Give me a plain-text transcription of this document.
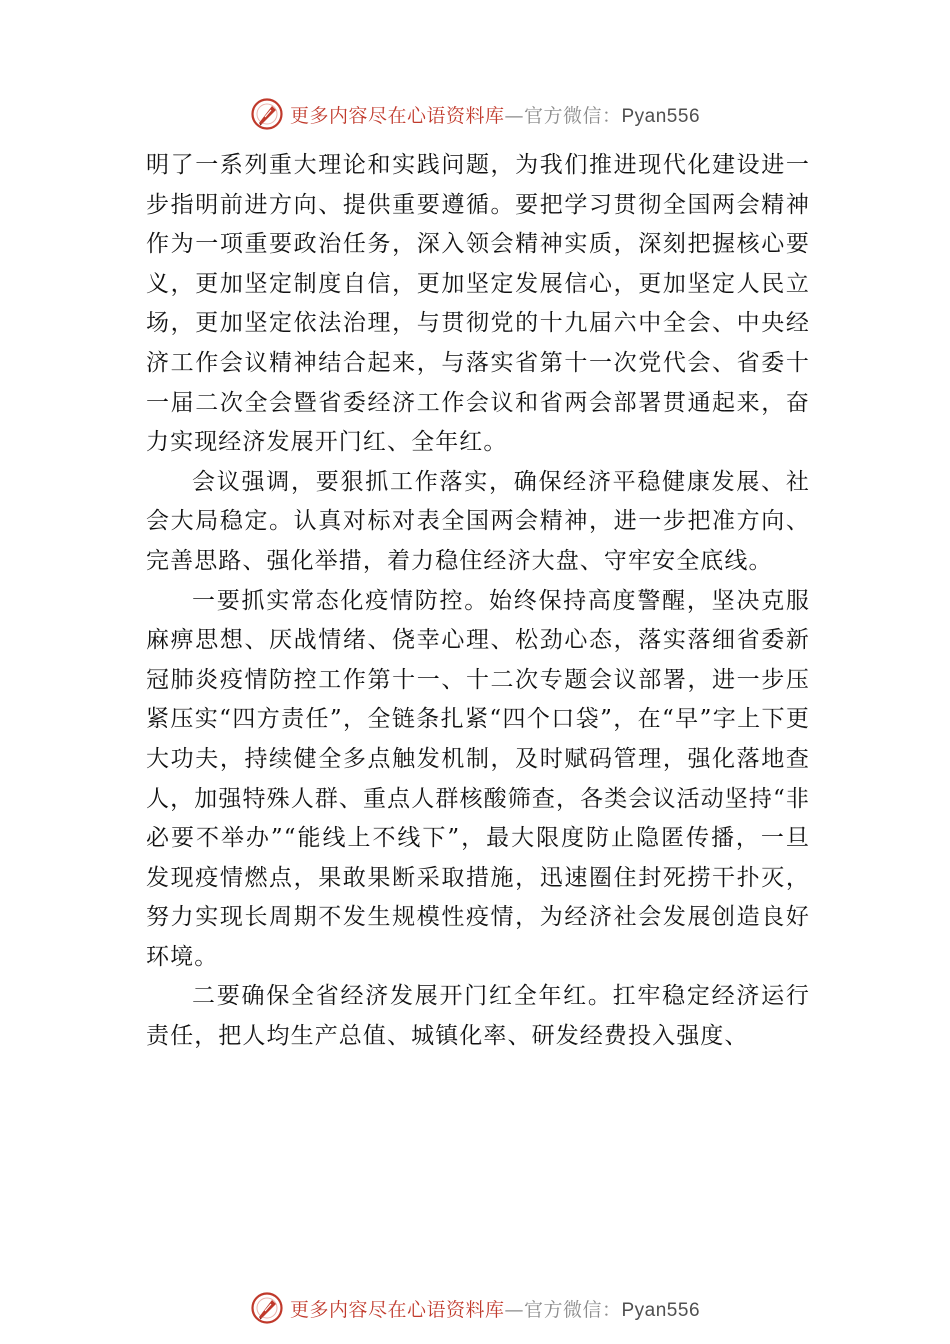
更多内容尽在心语资料库—官方微信：Pyan556

明了一系列重大理论和实践问题，为我们推进现代化建设进一步指明前进方向、提供重要遵循。要把学习贯彻全国两会精神作为一项重要政治任务，深入领会精神实质，深刻把握核心要义，更加坚定制度自信，更加坚定发展信心，更加坚定人民立场，更加坚定依法治理，与贯彻党的十九届六中全会、中央经济工作会议精神结合起来，与落实省第十一次党代会、省委十一届二次全会暨省委经济工作会议和省两会部署贯通起来，奋力实现经济发展开门红、全年红。

会议强调，要狠抓工作落实，确保经济平稳健康发展、社会大局稳定。认真对标对表全国两会精神，进一步把准方向、完善思路、强化举措，着力稳住经济大盘、守牢安全底线。

一要抓实常态化疫情防控。始终保持高度警醒，坚决克服麻痹思想、厌战情绪、侥幸心理、松劲心态，落实落细省委新冠肺炎疫情防控工作第十一、十二次专题会议部署，进一步压紧压实“四方责任”，全链条扎紧“四个口袋”，在“早”字上下更大功夫，持续健全多点触发机制，及时赋码管理，强化落地查人，加强特殊人群、重点人群核酸筛查，各类会议活动坚持“非必要不举办”“能线上不线下”，最大限度防止隐匿传播，一旦发现疫情燃点，果敢果断采取措施，迅速圈住封死捞干扑灭，努力实现长周期不发生规模性疫情，为经济社会发展创造良好环境。

二要确保全省经济发展开门红全年红。扛牢稳定经济运行责任，把人均生产总值、城镇化率、研发经费投入强度、

更多内容尽在心语资料库—官方微信：Pyan556
